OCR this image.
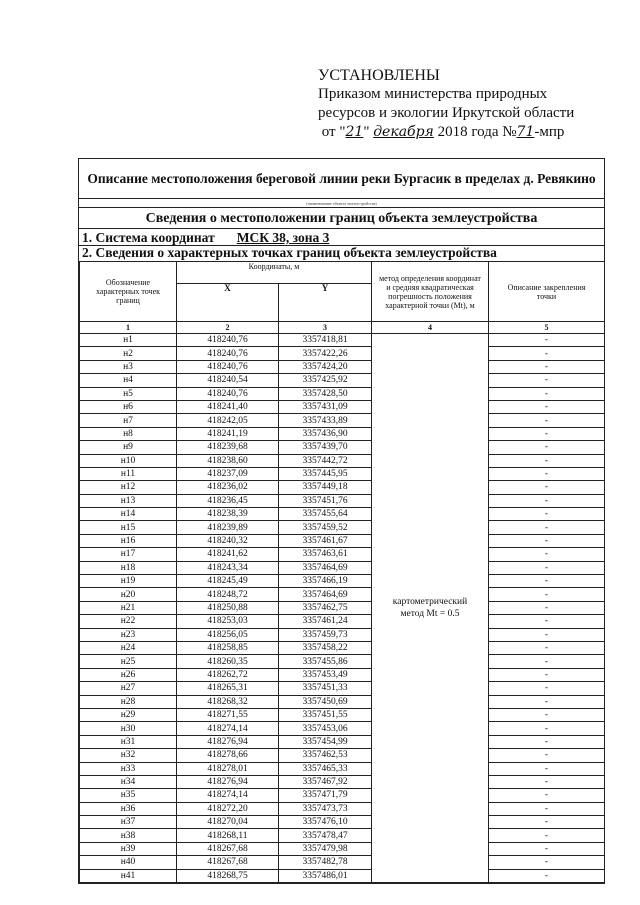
УСТАНОВЛЕНЫ
Приказом министерства природных
ресурсов и экологии Иркутской области
от "21" декабря 2018 года №71-мпр
Описание местоположения береговой линии реки Бургасик в пределах д. Ревякино
(наименование объекта землеустройства)
Сведения о местоположении границ объекта землеустройства
1. Система координат МСК 38, зона 3
2. Сведения о характерных точках границ объекта землеустройства
Обозначение характерных точек границ	Координаты, м		метод определения координат и средняя квадратическая погрешность положения характерной точки (Mt), м	Описание закрепления точки
	X	Y		
1	2	3	4	5
н1	418240,76	3357418,81	картометрический метод Mt = 0.5	-
н2	418240,76	3357422,26		-
н3	418240,76	3357424,20		-
н4	418240,54	3357425,92		-
н5	418240,76	3357428,50		-
н6	418241,40	3357431,09		-
н7	418242,05	3357433,89		-
н8	418241,19	3357436,90		-
н9	418239,68	3357439,70		-
н10	418238,60	3357442,72		-
н11	418237,09	3357445,95		-
н12	418236,02	3357449,18		-
н13	418236,45	3357451,76		-
н14	418238,39	3357455,64		-
н15	418239,89	3357459,52		-
н16	418240,32	3357461,67		-
н17	418241,62	3357463,61		-
н18	418243,34	3357464,69		-
н19	418245,49	3357466,19		-
н20	418248,72	3357464,69		-
н21	418250,88	3357462,75		-
н22	418253,03	3357461,24		-
н23	418256,05	3357459,73		-
н24	418258,85	3357458,22		-
н25	418260,35	3357455,86		-
н26	418262,72	3357453,49		-
н27	418265,31	3357451,33		-
н28	418268,32	3357450,69		-
н29	418271,55	3357451,55		-
н30	418274,14	3357453,06		-
н31	418276,94	3357454,99		-
н32	418278,66	3357462,53		-
н33	418278,01	3357465,33		-
н34	418276,94	3357467,92		-
н35	418274,14	3357471,79		-
н36	418272,20	3357473,73		-
н37	418270,04	3357476,10		-
н38	418268,11	3357478,47		-
н39	418267,68	3357479,98		-
н40	418267,68	3357482,78		-
н41	418268,75	3357486,01		-
